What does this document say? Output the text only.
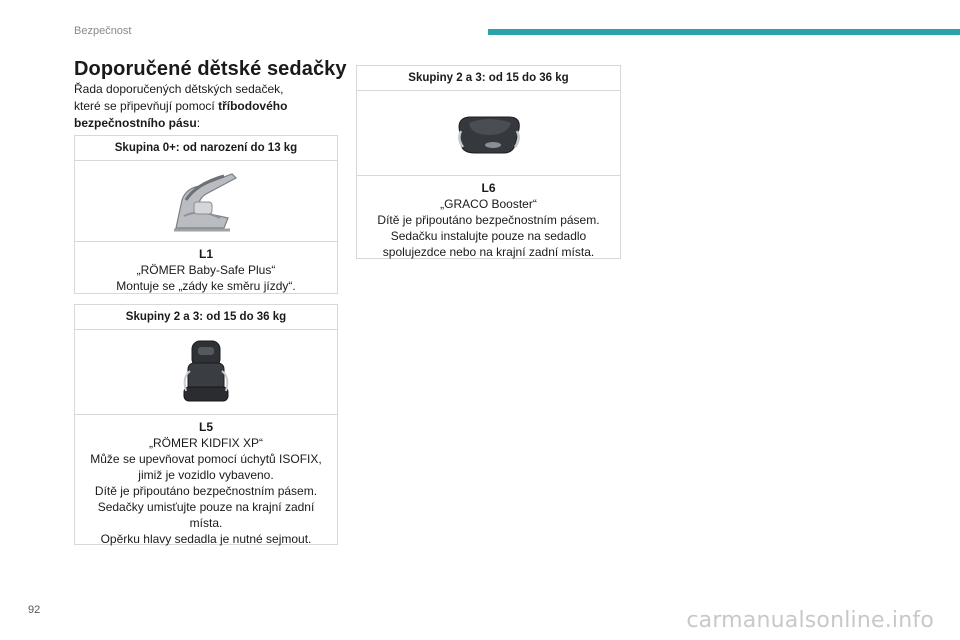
Bezpečnost
Doporučené dětské sedačky

Řada doporučených dětských sedaček,
které se připevňují pomocí tříbodového
bezpečnostního pásu:

Skupina 0+: od narození do 13 kg
L1
„RÖMER Baby-Safe Plus“
Montuje se „zády ke směru jízdy“.
Skupiny 2 a 3: od 15 do 36 kg
L5
„RÖMER KIDFIX XP“
Může se upevňovat pomocí úchytů ISOFIX,
jimiž je vozidlo vybaveno.
Dítě je připoutáno bezpečnostním pásem.
Sedačky umisťujte pouze na krajní zadní
místa.
Opěrku hlavy sedadla je nutné sejmout.
Skupiny 2 a 3: od 15 do 36 kg
L6
„GRACO Booster“
Dítě je připoutáno bezpečnostním pásem.
Sedačku instalujte pouze na sedadlo
spolujezdce nebo na krajní zadní místa.
92	carmanualsonline.info
